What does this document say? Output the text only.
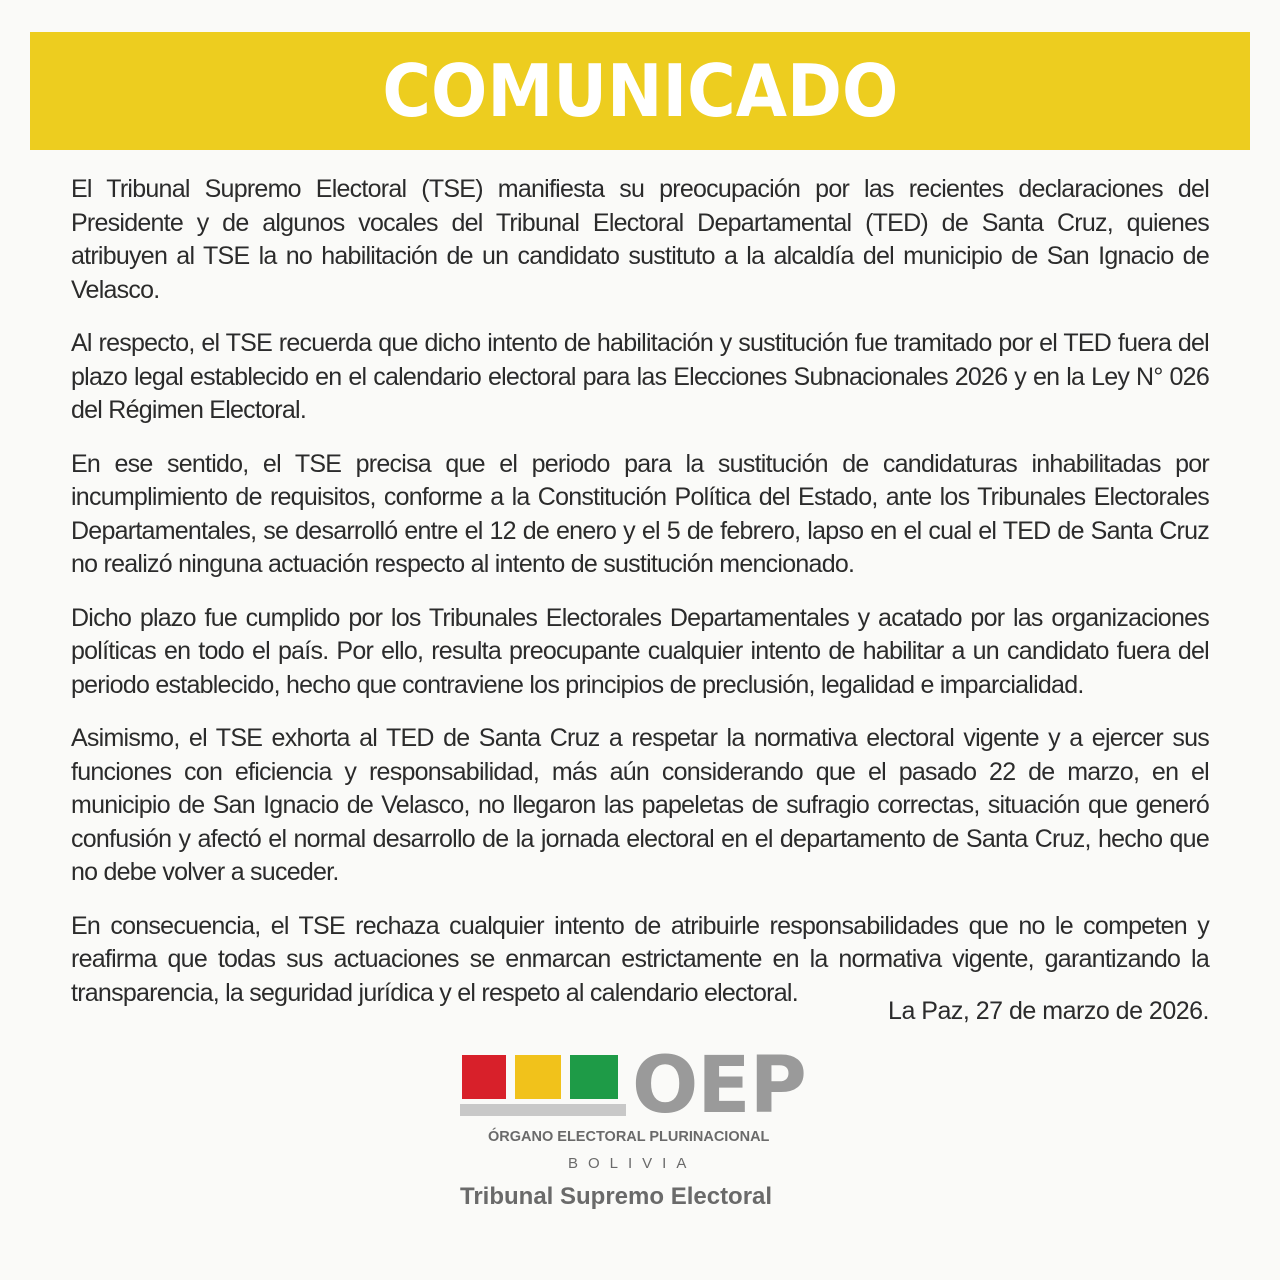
COMUNICADO

El Tribunal Supremo Electoral (TSE) manifiesta su preocupación por las recientes declaraciones del Presidente y de algunos vocales del Tribunal Electoral Departamental (TED) de Santa Cruz, quienes atribuyen al TSE la no habilitación de un candidato sustituto a la alcaldía del municipio de San Ignacio de Velasco.

Al respecto, el TSE recuerda que dicho intento de habilitación y sustitución fue tramitado por el TED fuera del plazo legal establecido en el calendario electoral para las Elecciones Subnacionales 2026 y en la Ley N° 026 del Régimen Electoral.

En ese sentido, el TSE precisa que el periodo para la sustitución de candidaturas inhabilitadas por incumplimiento de requisitos, conforme a la Constitución Política del Estado, ante los Tribunales Electorales Departamentales, se desarrolló entre el 12 de enero y el 5 de febrero, lapso en el cual el TED de Santa Cruz no realizó ninguna actuación respecto al intento de sustitución mencionado.

Dicho plazo fue cumplido por los Tribunales Electorales Departamentales y acatado por las organizaciones políticas en todo el país. Por ello, resulta preocupante cualquier intento de habilitar a un candidato fuera del periodo establecido, hecho que contraviene los principios de preclusión, legalidad e imparcialidad.

Asimismo, el TSE exhorta al TED de Santa Cruz a respetar la normativa electoral vigente y a ejercer sus funciones con eficiencia y responsabilidad, más aún considerando que el pasado 22 de marzo, en el municipio de San Ignacio de Velasco, no llegaron las papeletas de sufragio correctas, situación que generó confusión y afectó el normal desarrollo de la jornada electoral en el departamento de Santa Cruz, hecho que no debe volver a suceder.

En consecuencia, el TSE rechaza cualquier intento de atribuirle responsabilidades que no le competen y reafirma que todas sus actuaciones se enmarcan estrictamente en la normativa vigente, garantizando la transparencia, la seguridad jurídica y el respeto al calendario electoral.

La Paz, 27 de marzo de 2026.
OEP
ÓRGANO ELECTORAL PLURINACIONAL
BOLIVIA
Tribunal Supremo Electoral
